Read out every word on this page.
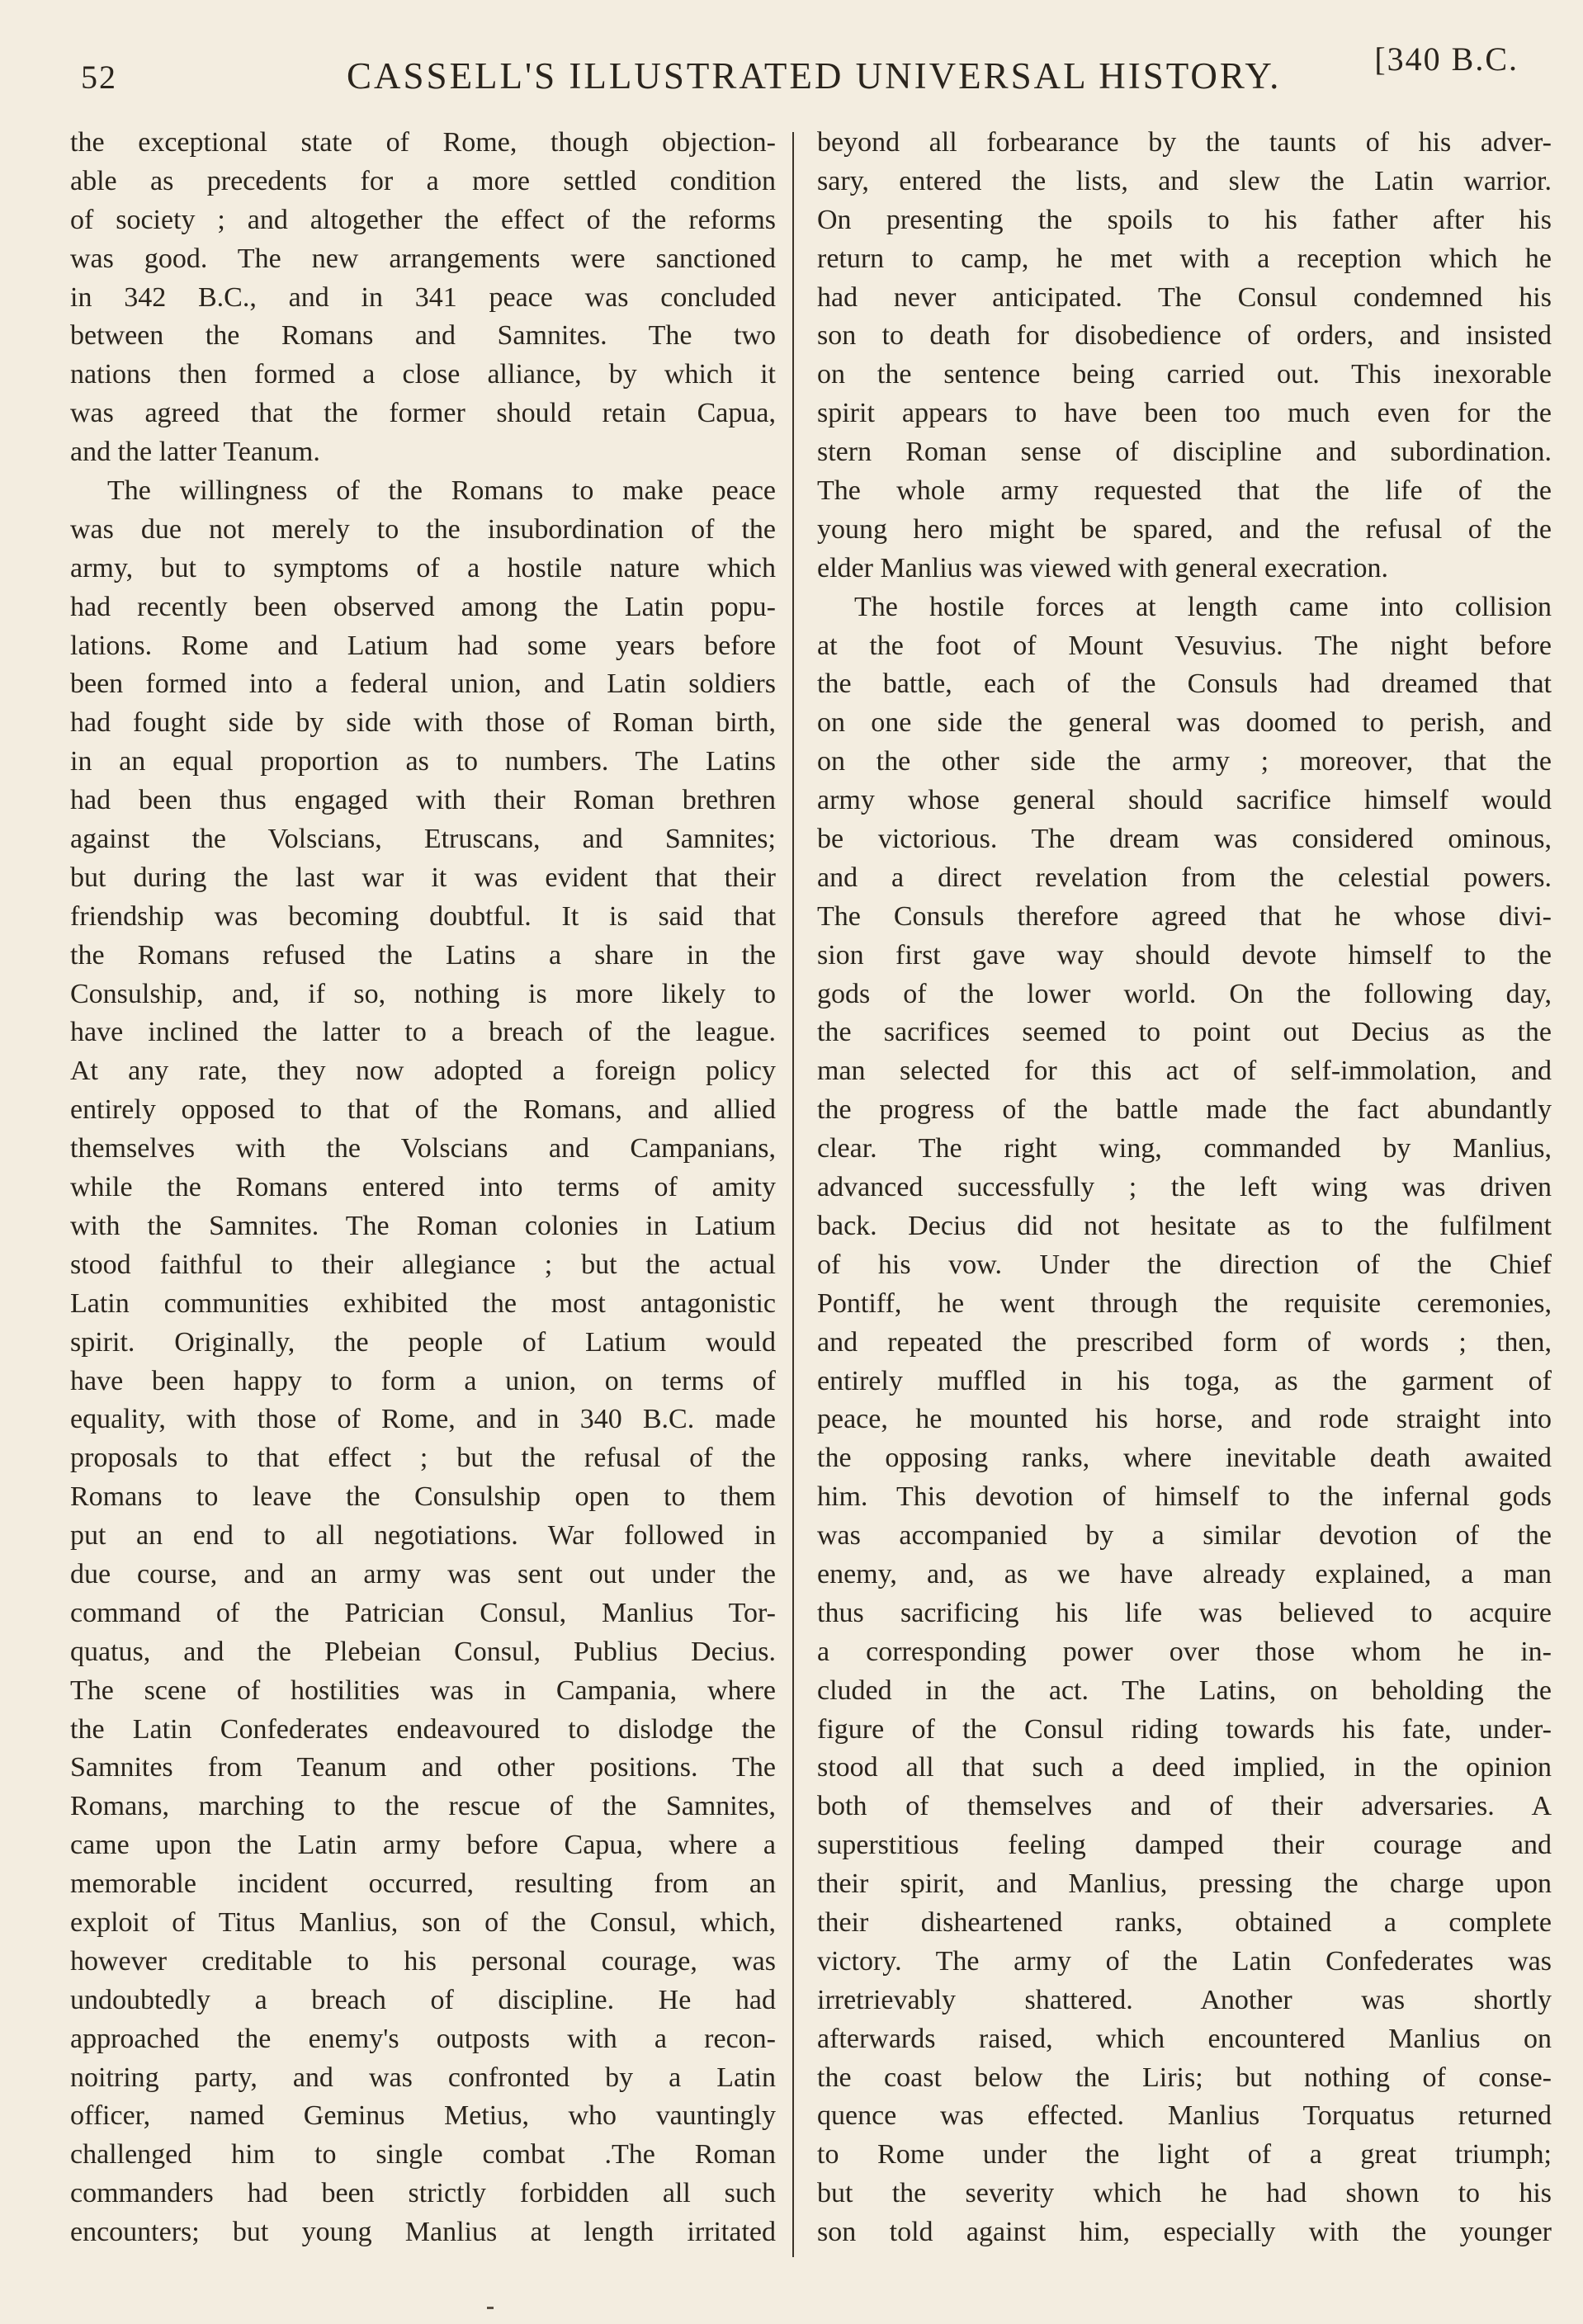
52	CASSELL'S ILLUSTRATED UNIVERSAL HISTORY.	[340 B.C.
the exceptional state of Rome, though objection-
able as precedents for a more settled condition
of society ; and altogether the effect of the reforms
was good. The new arrangements were sanctioned
in 342 B.C., and in 341 peace was concluded
between the Romans and Samnites. The two
nations then formed a close alliance, by which it
was agreed that the former should retain Capua,
and the latter Teanum.
The willingness of the Romans to make peace
was due not merely to the insubordination of the
army, but to symptoms of a hostile nature which
had recently been observed among the Latin popu-
lations. Rome and Latium had some years before
been formed into a federal union, and Latin soldiers
had fought side by side with those of Roman birth,
in an equal proportion as to numbers. The Latins
had been thus engaged with their Roman brethren
against the Volscians, Etruscans, and Samnites;
but during the last war it was evident that their
friendship was becoming doubtful. It is said that
the Romans refused the Latins a share in the
Consulship, and, if so, nothing is more likely to
have inclined the latter to a breach of the league.
At any rate, they now adopted a foreign policy
entirely opposed to that of the Romans, and allied
themselves with the Volscians and Campanians,
while the Romans entered into terms of amity
with the Samnites. The Roman colonies in Latium
stood faithful to their allegiance ; but the actual
Latin communities exhibited the most antagonistic
spirit. Originally, the people of Latium would
have been happy to form a union, on terms of
equality, with those of Rome, and in 340 B.C. made
proposals to that effect ; but the refusal of the
Romans to leave the Consulship open to them
put an end to all negotiations. War followed in
due course, and an army was sent out under the
command of the Patrician Consul, Manlius Tor-
quatus, and the Plebeian Consul, Publius Decius.
The scene of hostilities was in Campania, where
the Latin Confederates endeavoured to dislodge the
Samnites from Teanum and other positions. The
Romans, marching to the rescue of the Samnites,
came upon the Latin army before Capua, where a
memorable incident occurred, resulting from an
exploit of Titus Manlius, son of the Consul, which,
however creditable to his personal courage, was
undoubtedly a breach of discipline. He had
approached the enemy's outposts with a recon-
noitring party, and was confronted by a Latin
officer, named Geminus Metius, who vauntingly
challenged him to single combat .The Roman
commanders had been strictly forbidden all such
encounters; but young Manlius at length irritated
beyond all forbearance by the taunts of his adver-
sary, entered the lists, and slew the Latin warrior.
On presenting the spoils to his father after his
return to camp, he met with a reception which he
had never anticipated. The Consul condemned his
son to death for disobedience of orders, and insisted
on the sentence being carried out. This inexorable
spirit appears to have been too much even for the
stern Roman sense of discipline and subordination.
The whole army requested that the life of the
young hero might be spared, and the refusal of the
elder Manlius was viewed with general execration.
The hostile forces at length came into collision
at the foot of Mount Vesuvius. The night before
the battle, each of the Consuls had dreamed that
on one side the general was doomed to perish, and
on the other side the army ; moreover, that the
army whose general should sacrifice himself would
be victorious. The dream was considered ominous,
and a direct revelation from the celestial powers.
The Consuls therefore agreed that he whose divi-
sion first gave way should devote himself to the
gods of the lower world. On the following day,
the sacrifices seemed to point out Decius as the
man selected for this act of self-immolation, and
the progress of the battle made the fact abundantly
clear. The right wing, commanded by Manlius,
advanced successfully ; the left wing was driven
back. Decius did not hesitate as to the fulfilment
of his vow. Under the direction of the Chief
Pontiff, he went through the requisite ceremonies,
and repeated the prescribed form of words ; then,
entirely muffled in his toga, as the garment of
peace, he mounted his horse, and rode straight into
the opposing ranks, where inevitable death awaited
him. This devotion of himself to the infernal gods
was accompanied by a similar devotion of the
enemy, and, as we have already explained, a man
thus sacrificing his life was believed to acquire
a corresponding power over those whom he in-
cluded in the act. The Latins, on beholding the
figure of the Consul riding towards his fate, under-
stood all that such a deed implied, in the opinion
both of themselves and of their adversaries. A
superstitious feeling damped their courage and
their spirit, and Manlius, pressing the charge upon
their disheartened ranks, obtained a complete
victory. The army of the Latin Confederates was
irretrievably shattered. Another was shortly
afterwards raised, which encountered Manlius on
the coast below the Liris; but nothing of conse-
quence was effected. Manlius Torquatus returned
to Rome under the light of a great triumph;
but the severity which he had shown to his
son told against him, especially with the younger
